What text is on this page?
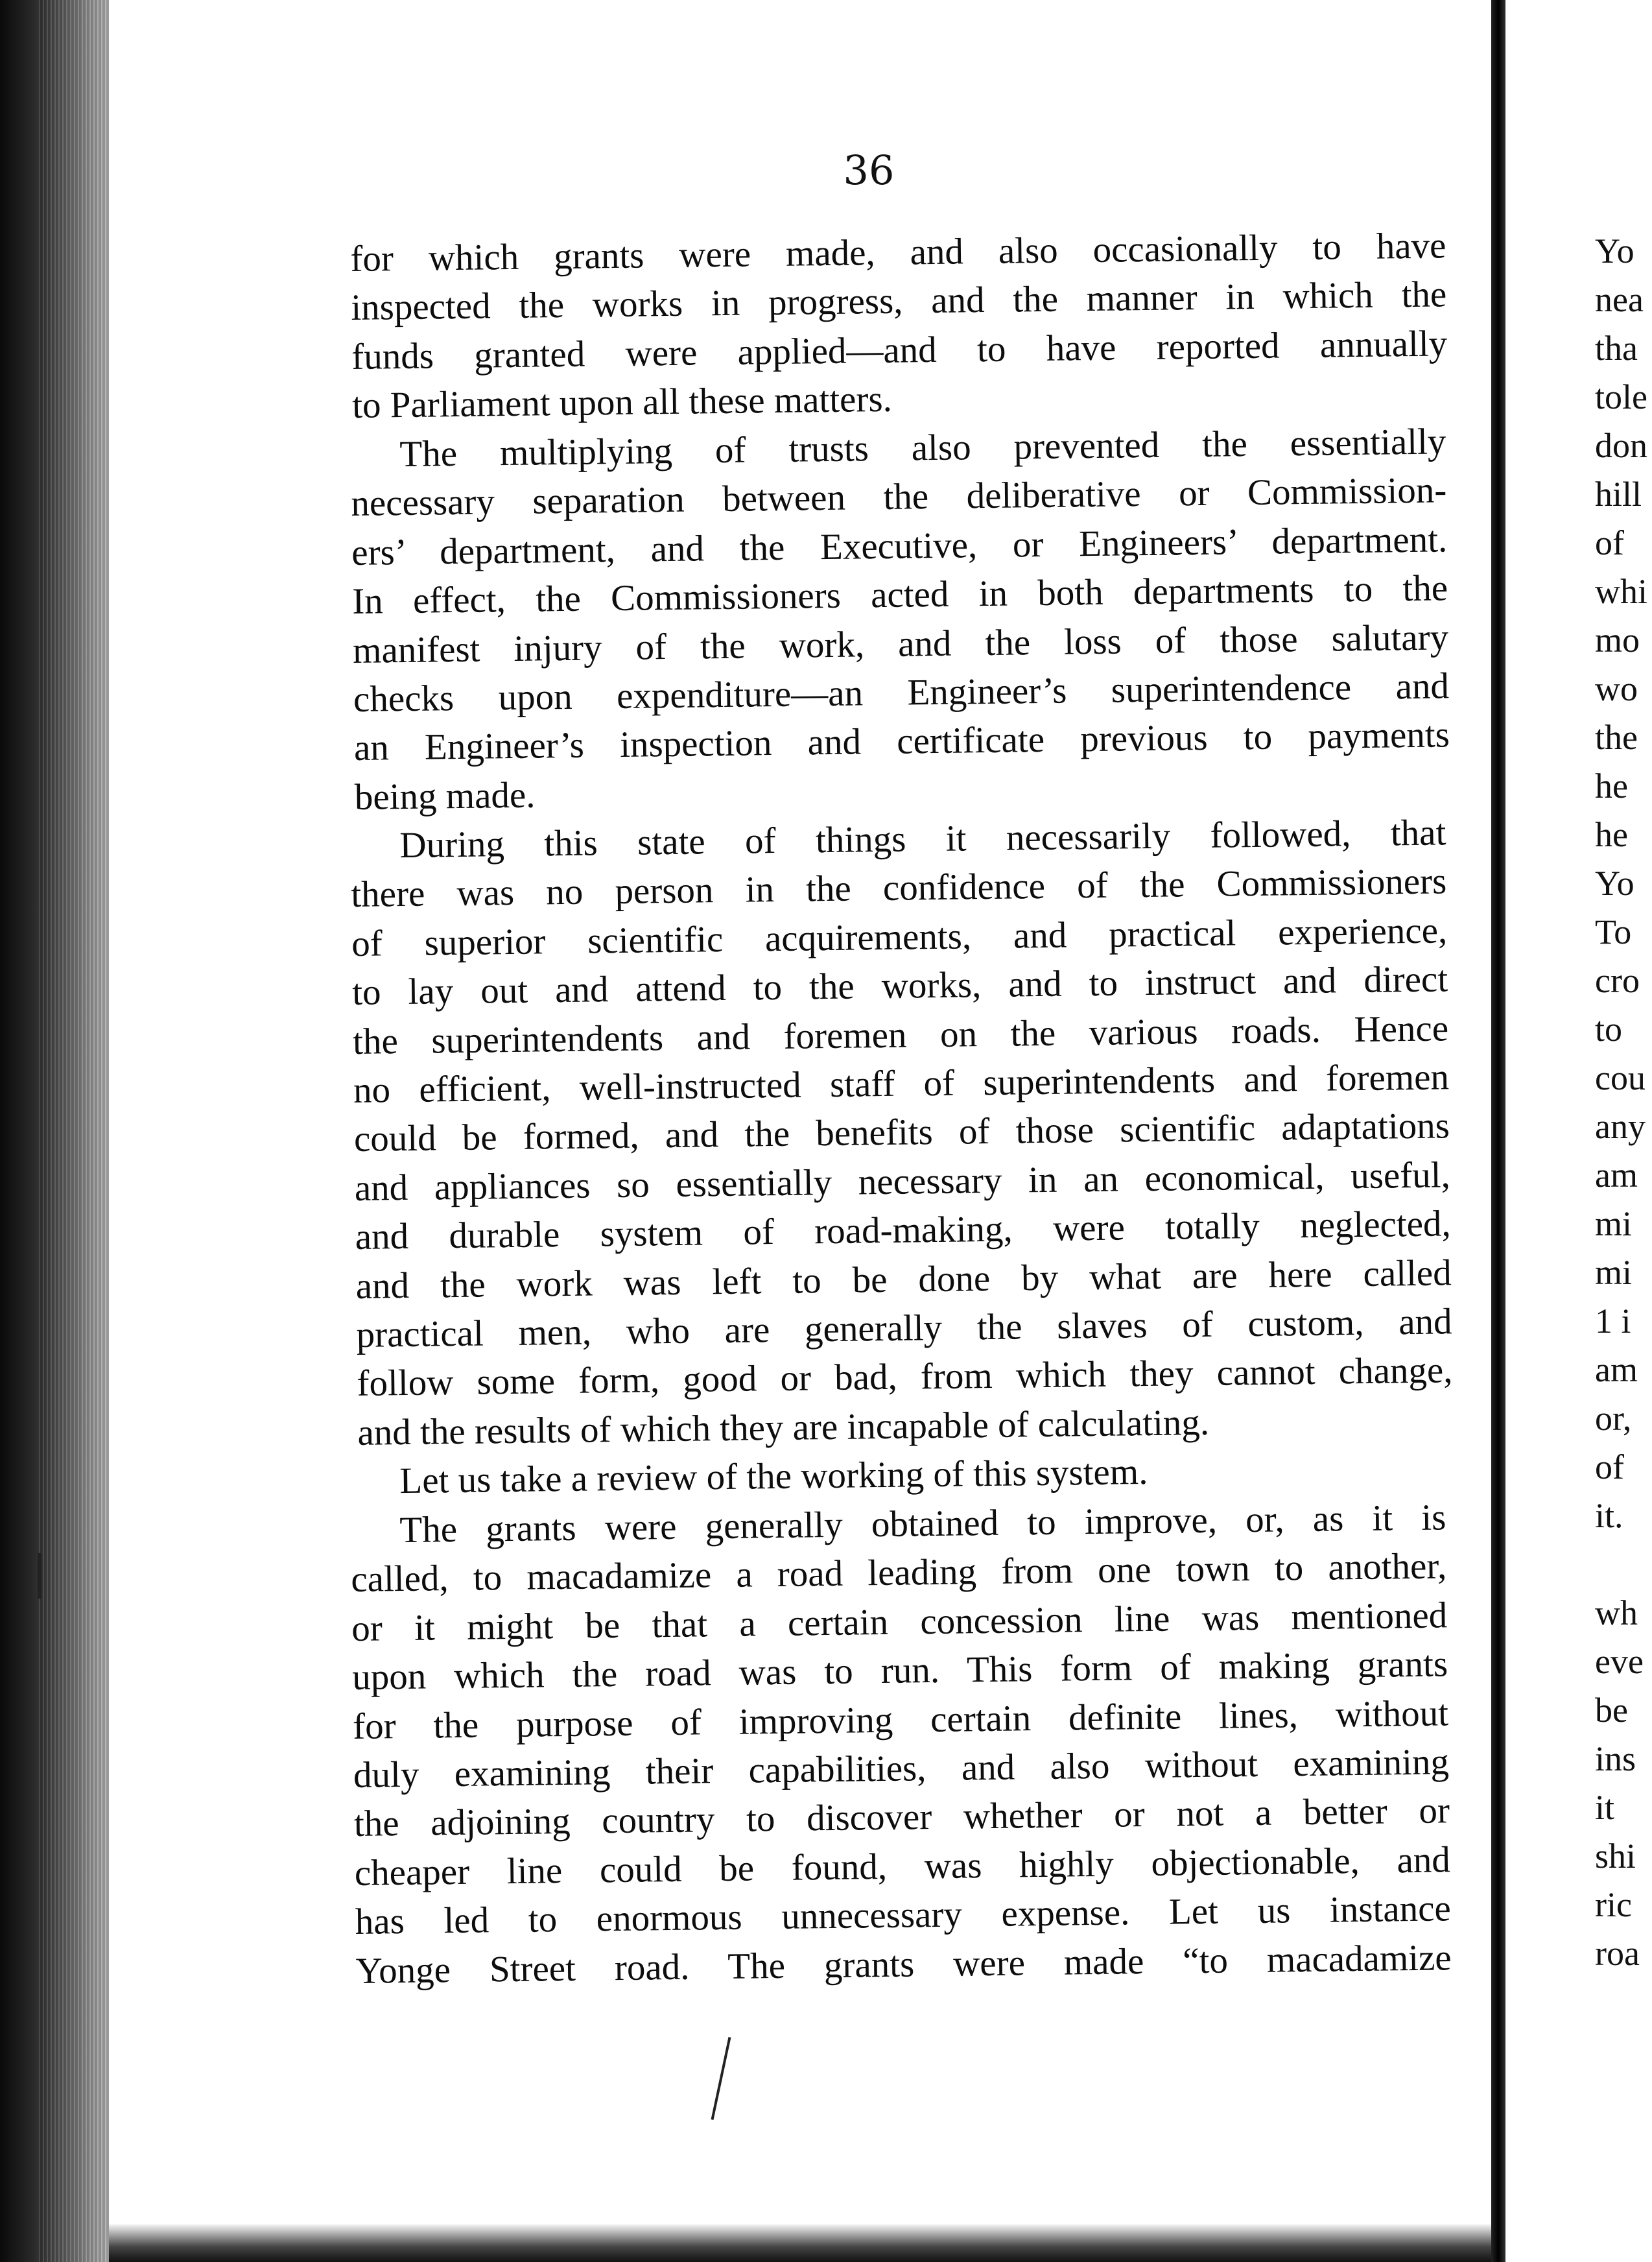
36

for which grants were made, and also occasionally to have
inspected the works in progress, and the manner in which the
funds granted were applied—and to have reported annually
to Parliament upon all these matters.

The multiplying of trusts also prevented the essentially
necessary separation between the deliberative or Commission-
ers’ department, and the Executive, or Engineers’ department.
In effect, the Commissioners acted in both departments to the
manifest injury of the work, and the loss of those salutary
checks upon expenditure—an Engineer’s superintendence and
an Engineer’s inspection and certificate previous to payments
being made.

During this state of things it necessarily followed, that
there was no person in the confidence of the Commissioners
of superior scientific acquirements, and practical experience,
to lay out and attend to the works, and to instruct and direct
the superintendents and foremen on the various roads. Hence
no efficient, well-instructed staff of superintendents and foremen
could be formed, and the benefits of those scientific adaptations
and appliances so essentially necessary in an economical, useful,
and durable system of road-making, were totally neglected,
and the work was left to be done by what are here called
practical men, who are generally the slaves of custom, and
follow some form, good or bad, from which they cannot change,
and the results of which they are incapable of calculating.

Let us take a review of the working of this system.

The grants were generally obtained to improve, or, as it is
called, to macadamize a road leading from one town to another,
or it might be that a certain concession line was mentioned
upon which the road was to run. This form of making grants
for the purpose of improving certain definite lines, without
duly examining their capabilities, and also without examining
the adjoining country to discover whether or not a better or
cheaper line could be found, was highly objectionable, and
has led to enormous unnecessary expense. Let us instance
Yonge Street road. The grants were made “to macadamize

Yo
nea
tha
tole
don
hill
of
whi
mo
wo
the
he
he
Yo
To
cro
to
cou
any
am
mi
mi
1 i
am
or,
of
it.
wh
eve
be
ins
it
shi
ric
roa
